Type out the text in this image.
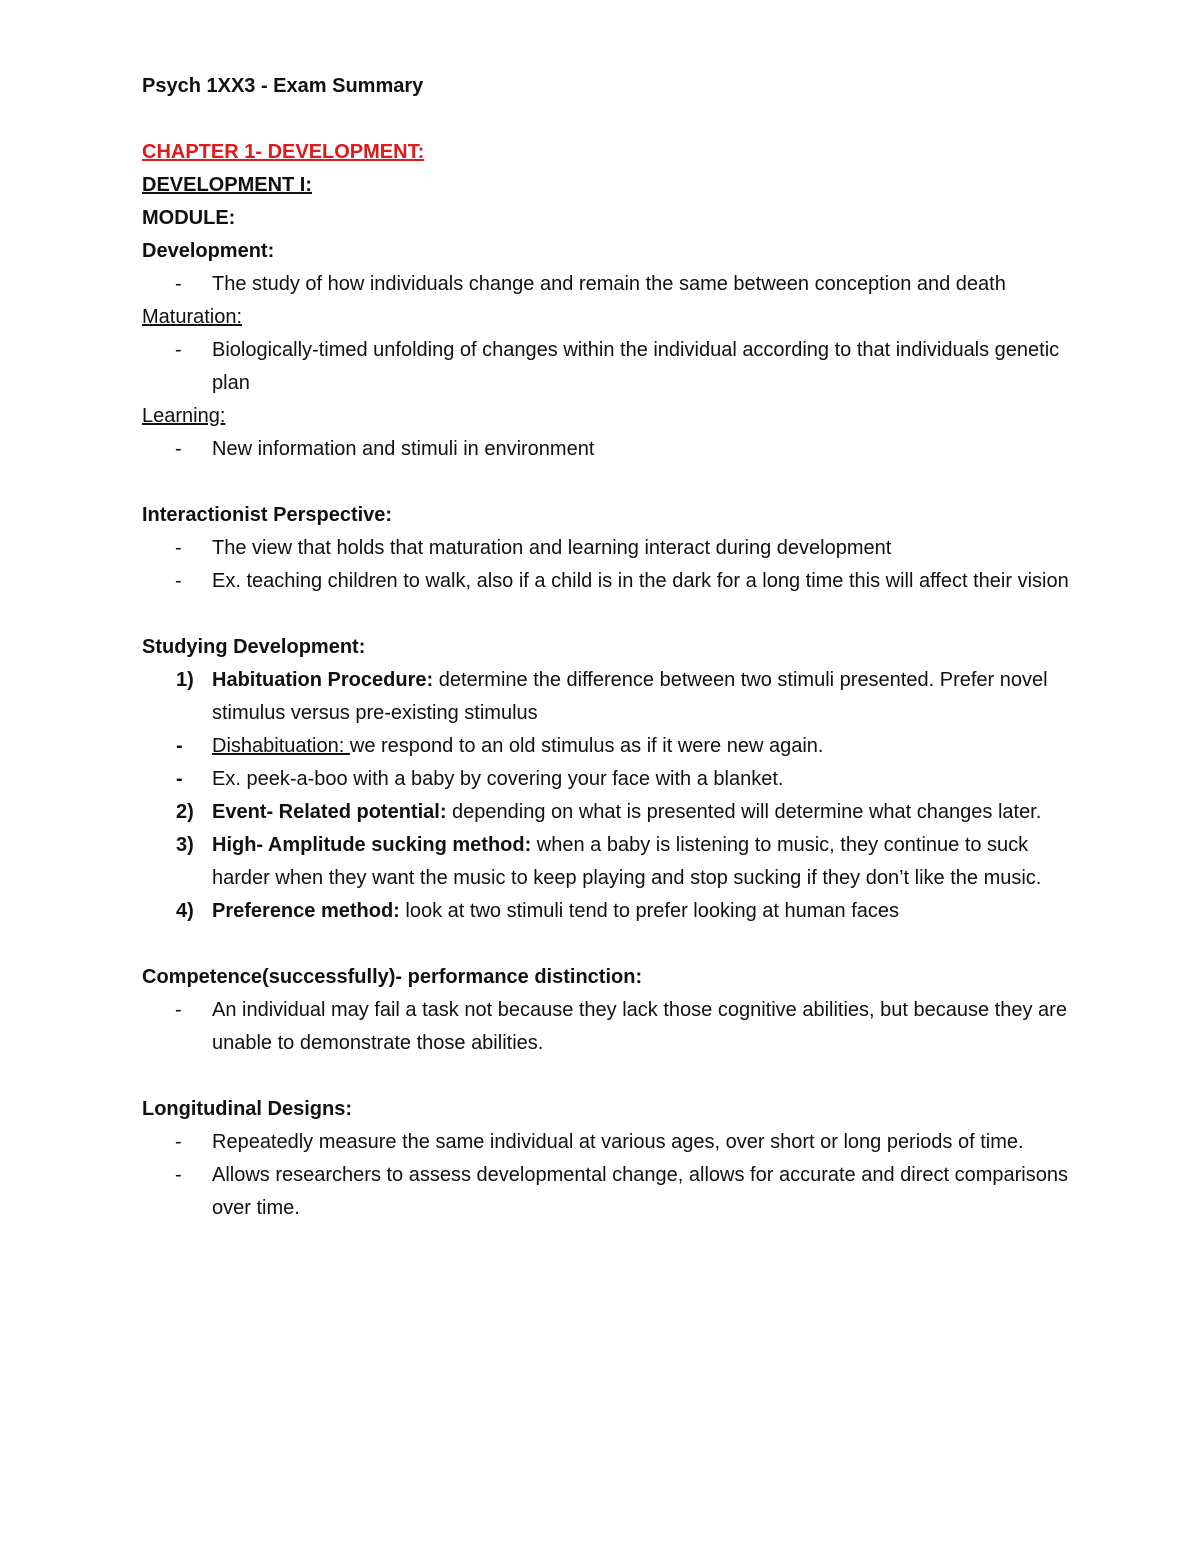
Psych 1XX3 - Exam Summary

CHAPTER 1- DEVELOPMENT:

DEVELOPMENT I:

MODULE:

Development:

- The study of how individuals change and remain the same between conception and death

Maturation:

- Biologically-timed unfolding of changes within the individual according to that individuals genetic plan

Learning:

- New information and stimuli in environment

Interactionist Perspective:

- The view that holds that maturation and learning interact during development
- Ex. teaching children to walk, also if a child is in the dark for a long time this will affect their vision

Studying Development:

1) Habituation Procedure: determine the difference between two stimuli presented. Prefer novel stimulus versus pre-existing stimulus
- Dishabituation: we respond to an old stimulus as if it were new again.
- Ex. peek-a-boo with a baby by covering your face with a blanket.
2) Event- Related potential: depending on what is presented will determine what changes later.
3) High- Amplitude sucking method: when a baby is listening to music, they continue to suck harder when they want the music to keep playing and stop sucking if they don’t like the music.
4) Preference method: look at two stimuli tend to prefer looking at human faces

Competence(successfully)- performance distinction:

- An individual may fail a task not because they lack those cognitive abilities, but because they are unable to demonstrate those abilities.

Longitudinal Designs:

- Repeatedly measure the same individual at various ages, over short or long periods of time.
- Allows researchers to assess developmental change, allows for accurate and direct comparisons over time.
